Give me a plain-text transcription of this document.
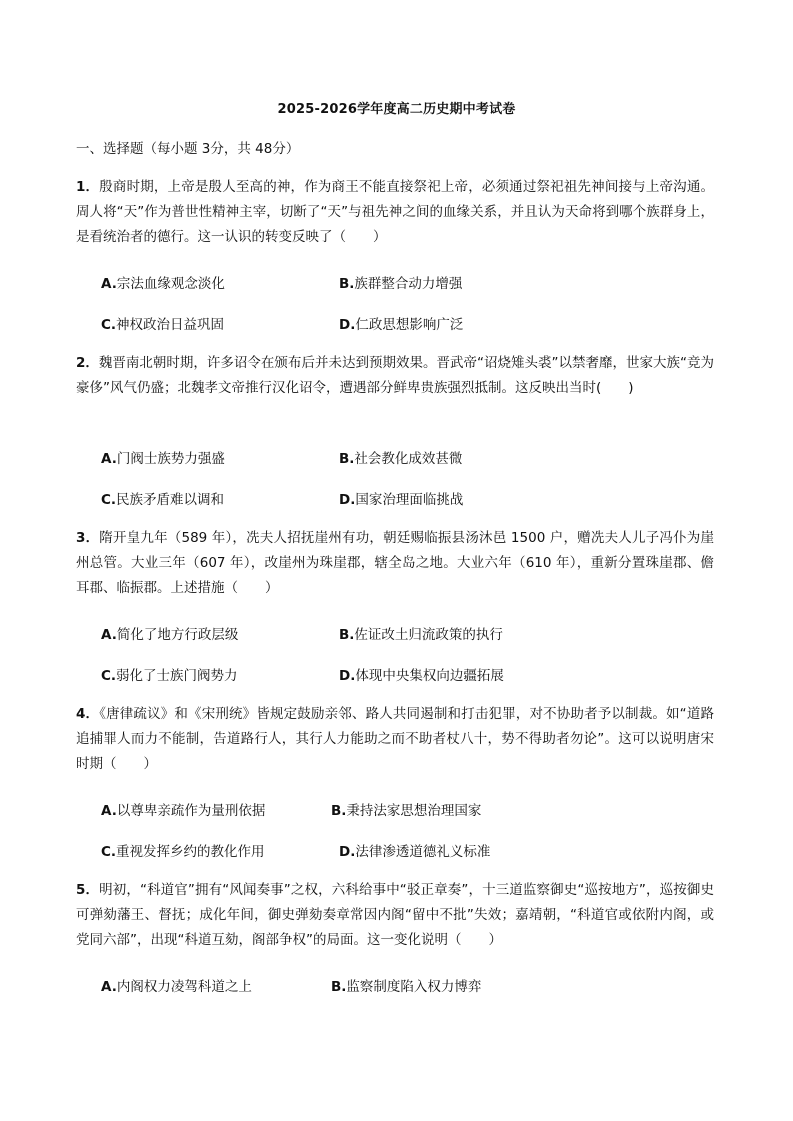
2025-2026学年度高二历史期中考试卷
一、选择题（每小题 3分，共 48分）
1．殷商时期，上帝是殷人至高的神，作为商王不能直接祭祀上帝，必须通过祭祀祖先神间接与上帝沟通。周人将“天”作为普世性精神主宰，切断了“天”与祖先神之间的血缘关系，并且认为天命将到哪个族群身上，是看统治者的德行。这一认识的转变反映了（　　）
A.宗法血缘观念淡化	B.族群整合动力增强
C.神权政治日益巩固	D.仁政思想影响广泛
2．魏晋南北朝时期，许多诏令在颁布后并未达到预期效果。晋武帝“诏烧雉头裘”以禁奢靡，世家大族“竞为豪侈”风气仍盛；北魏孝文帝推行汉化诏令，遭遇部分鲜卑贵族强烈抵制。这反映出当时(　　)
A.门阀士族势力强盛	B.社会教化成效甚微
C.民族矛盾难以调和	D.国家治理面临挑战
3．隋开皇九年（589 年），冼夫人招抚崖州有功，朝廷赐临振县汤沐邑 1500 户，赠冼夫人儿子冯仆为崖州总管。大业三年（607 年），改崖州为珠崖郡，辖全岛之地。大业六年（610 年），重新分置珠崖郡、儋耳郡、临振郡。上述措施（　　）
A.简化了地方行政层级	B.佐证改土归流政策的执行
C.弱化了士族门阀势力	D.体现中央集权向边疆拓展
4．《唐律疏议》和《宋刑统》皆规定鼓励亲邻、路人共同遏制和打击犯罪，对不协助者予以制裁。如“道路追捕罪人而力不能制，告道路行人，其行人力能助之而不助者杖八十，势不得助者勿论”。这可以说明唐宋时期（　　）
A.以尊卑亲疏作为量刑依据	B.秉持法家思想治理国家
C.重视发挥乡约的教化作用	D.法律渗透道德礼义标准
5．明初，“科道官”拥有“风闻奏事”之权，六科给事中“驳正章奏”，十三道监察御史“巡按地方”，巡按御史可弹劾藩王、督抚；成化年间，御史弹劾奏章常因内阁“留中不批”失效；嘉靖朝，“科道官或依附内阁，或党同六部”，出现“科道互劾，阁部争权”的局面。这一变化说明（　　）
A.内阁权力凌驾科道之上	B.监察制度陷入权力博弈
